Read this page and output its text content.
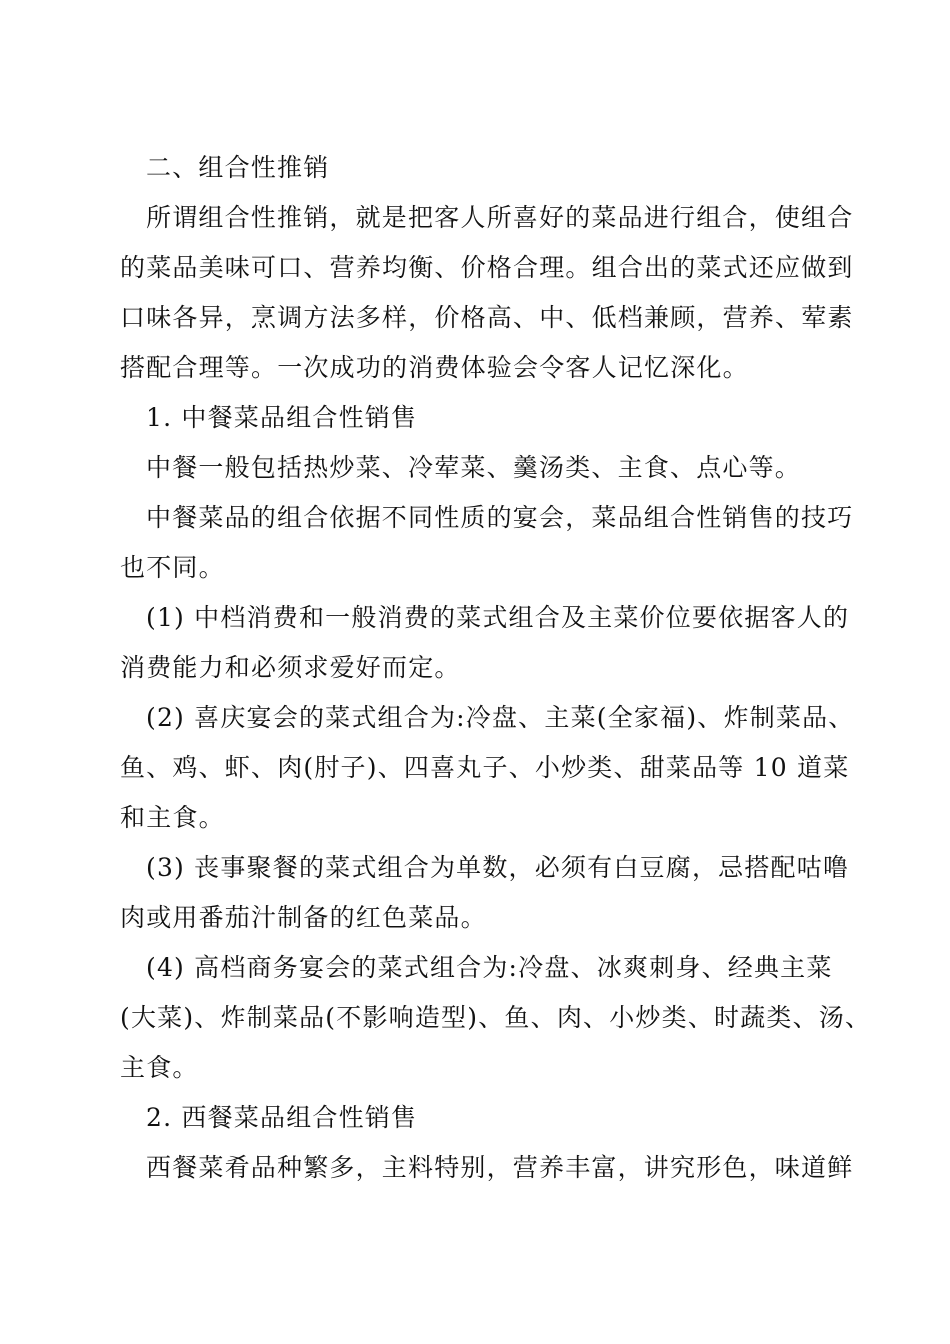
二、组合性推销
所谓组合性推销，就是把客人所喜好的菜品进行组合，使组合
的菜品美味可口、营养均衡、价格合理。组合出的菜式还应做到
口味各异，烹调方法多样，价格高、中、低档兼顾，营养、荤素
搭配合理等。一次成功的消费体验会令客人记忆深化。
1. 中餐菜品组合性销售
中餐一般包括热炒菜、冷荤菜、羹汤类、主食、点心等。
中餐菜品的组合依据不同性质的宴会，菜品组合性销售的技巧
也不同。
(1) 中档消费和一般消费的菜式组合及主菜价位要依据客人的
消费能力和必须求爱好而定。
(2) 喜庆宴会的菜式组合为:冷盘、主菜(全家福)、炸制菜品、
鱼、鸡、虾、肉(肘子)、四喜丸子、小炒类、甜菜品等 10 道菜
和主食。
(3) 丧事聚餐的菜式组合为单数，必须有白豆腐，忌搭配咕噜
肉或用番茄汁制备的红色菜品。
(4) 高档商务宴会的菜式组合为:冷盘、冰爽刺身、经典主菜
(大菜)、炸制菜品(不影响造型)、鱼、肉、小炒类、时蔬类、汤、
主食。
2. 西餐菜品组合性销售
西餐菜肴品种繁多，主料特别，营养丰富，讲究形色，味道鲜
